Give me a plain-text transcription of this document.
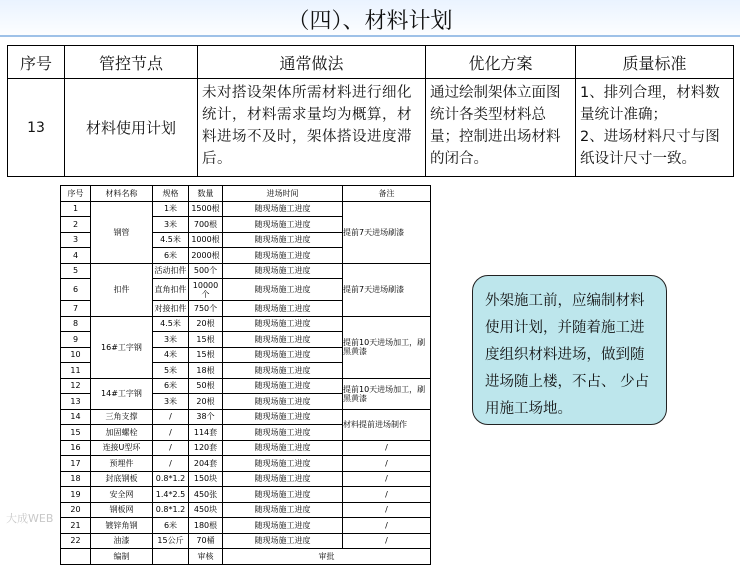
（四）、材料计划
序号	管控节点	通常做法	优化方案	质量标准
13	材料使用计划	未对搭设架体所需材料进行细化统计，材料需求量均为概算，材料进场不及时，架体搭设进度滞后。	通过绘制架体立面图统计各类型材料总量；控制进出场材料的闭合。	1、排列合理，材料数量统计准确；
2、进场材料尺寸与图纸设计尺寸一致。
序号	材料名称	规格	数量	进场时间	备注
1	钢管	1米	1500根	随现场施工进度	提前7天进场刷漆
2		3米	700根	随现场施工进度	
3		4.5米	1000根	随现场施工进度	
4		6米	2000根	随现场施工进度	
5	扣件	活动扣件	500个	随现场施工进度	提前7天进场刷漆
6		直角扣件	10000个	随现场施工进度	
7		对接扣件	750个	随现场施工进度	
8	16#工字钢	4.5米	20根	随现场施工进度	提前10天进场加工，刷黑黄漆
9		3米	15根	随现场施工进度	
10		4米	15根	随现场施工进度	
11		5米	18根	随现场施工进度	
12	14#工字钢	6米	50根	随现场施工进度	提前10天进场加工，刷黑黄漆
13		3米	20根	随现场施工进度	
14	三角支撑	/	38个	随现场施工进度	材料提前进场制作
15	加固螺栓	/	114套	随现场施工进度	
16	连接U型环	/	120套	随现场施工进度	/
17	预埋件	/	204套	随现场施工进度	/
18	封底钢板	0.8*1.2	150块	随现场施工进度	/
19	安全网	1.4*2.5	450张	随现场施工进度	/
20	钢板网	0.8*1.2	450块	随现场施工进度	/
21	镀锌角钢	6米	180根	随现场施工进度	/
22	油漆	15公斤	70桶	随现场施工进度	/
	编制		审核	审批	
外架施工前，应编制材料使用计划，并随着施工进度组织材料进场，做到随进场随上楼，不占、 少占用施工场地。
大成WEB
